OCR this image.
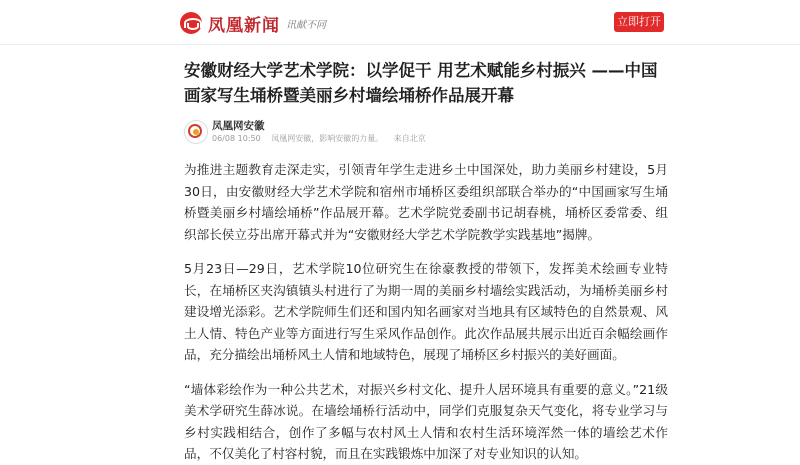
凤凰新闻 讯献不同	立即打开
安徽财经大学艺术学院：以学促干 用艺术赋能乡村振兴 ——中国画家写生埇桥暨美丽乡村墙绘埇桥作品展开幕
凤凰网安徽
06/08 10:50 凤凰网安徽，影响安徽的力量。 来自北京

为推进主题教育走深走实，引领青年学生走进乡土中国深处，助力美丽乡村建设，5月30日，由安徽财经大学艺术学院和宿州市埇桥区委组织部联合举办的“中国画家写生埇桥暨美丽乡村墙绘埇桥”作品展开幕。艺术学院党委副书记胡春桃，埇桥区委常委、组织部长侯立芬出席开幕式并为“安徽财经大学艺术学院教学实践基地”揭牌。

5月23日—29日，艺术学院10位研究生在徐豪教授的带领下，发挥美术绘画专业特长，在埇桥区夹沟镇镇头村进行了为期一周的美丽乡村墙绘实践活动，为埇桥美丽乡村建设增光添彩。艺术学院师生们还和国内知名画家对当地具有区域特色的自然景观、风土人情、特色产业等方面进行写生采风作品创作。此次作品展共展示出近百余幅绘画作品，充分描绘出埇桥风土人情和地域特色，展现了埇桥区乡村振兴的美好画面。

“墙体彩绘作为一种公共艺术，对振兴乡村文化、提升人居环境具有重要的意义。”21级美术学研究生薛冰说。在墙绘埇桥行活动中，同学们克服复杂天气变化，将专业学习与乡村实践相结合，创作了多幅与农村风土人情和农村生活环境浑然一体的墙绘艺术作品，不仅美化了村容村貌，而且在实践锻炼中加深了对专业知识的认知。
